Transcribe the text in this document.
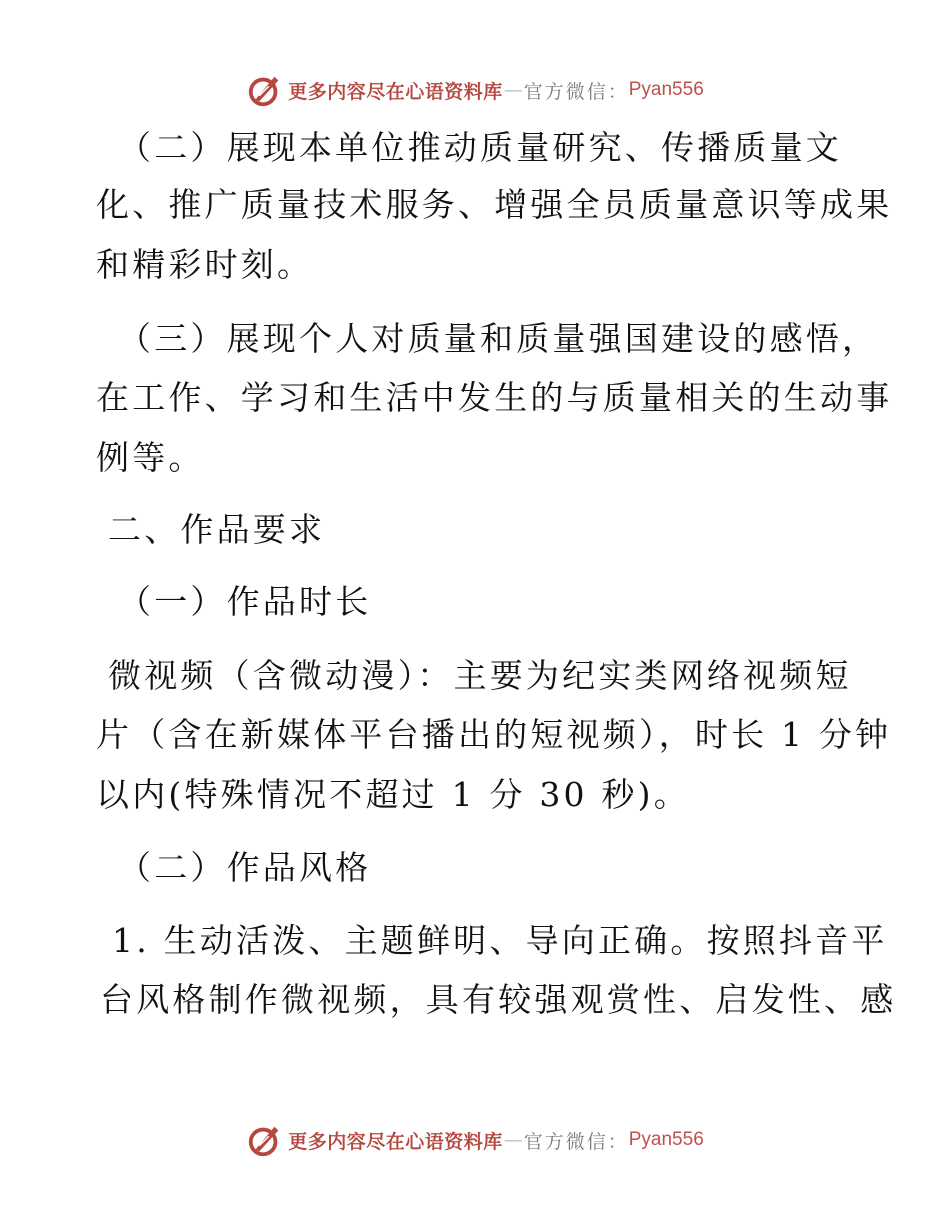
更多内容尽在心语资料库 — 官方微信： Pyan556

（二）展现本单位推动质量研究、传播质量文

化、推广质量技术服务、增强全员质量意识等成果

和精彩时刻。

（三）展现个人对质量和质量强国建设的感悟，

在工作、学习和生活中发生的与质量相关的生动事

例等。

二、作品要求

（一）作品时长

微视频（含微动漫）：主要为纪实类网络视频短

片（含在新媒体平台播出的短视频），时长 1 分钟

以内(特殊情况不超过 1 分 30 秒)。

（二）作品风格

1. 生动活泼、主题鲜明、导向正确。按照抖音平

台风格制作微视频，具有较强观赏性、启发性、感

更多内容尽在心语资料库 — 官方微信： Pyan556
